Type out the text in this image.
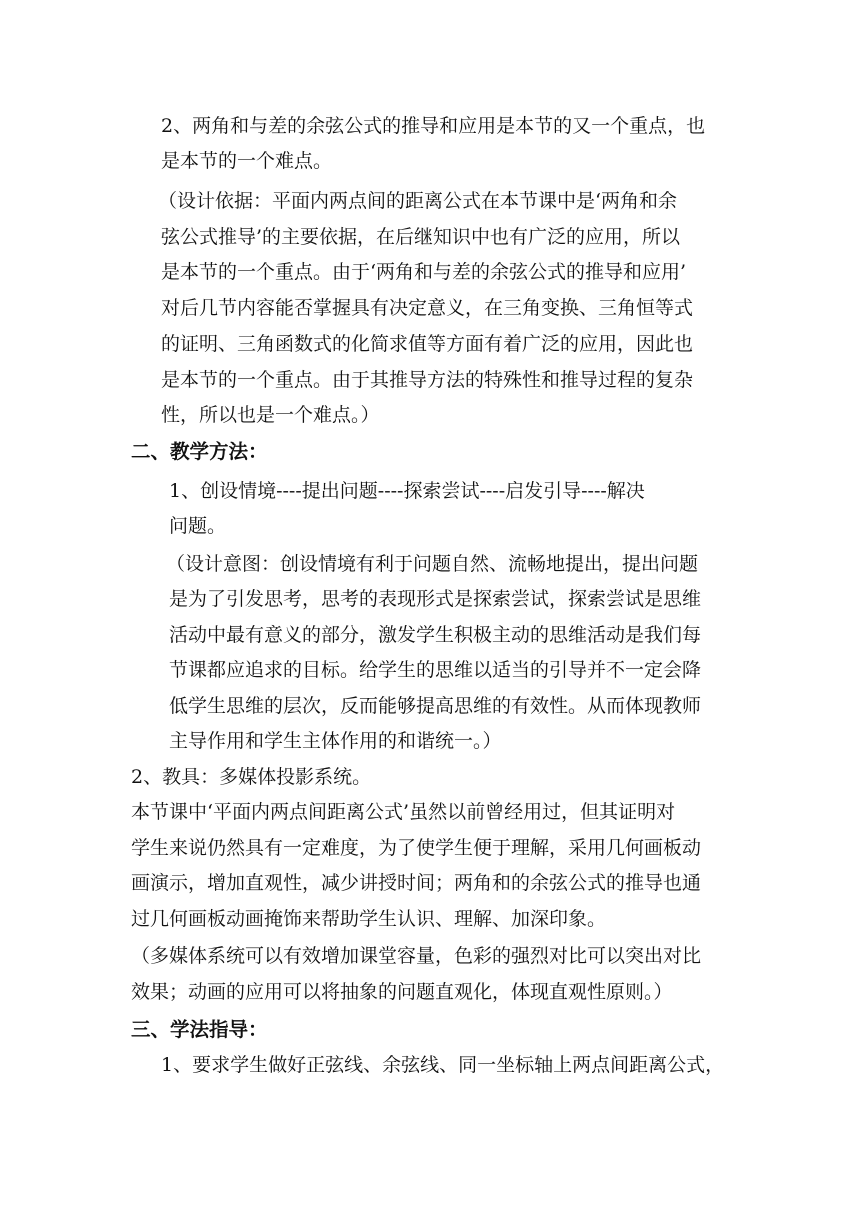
2、两角和与差的余弦公式的推导和应用是本节的又一个重点，也
是本节的一个难点。
（设计依据：平面内两点间的距离公式在本节课中是‘两角和余
弦公式推导’的主要依据，在后继知识中也有广泛的应用，所以
是本节的一个重点。由于‘两角和与差的余弦公式的推导和应用’
对后几节内容能否掌握具有决定意义，在三角变换、三角恒等式
的证明、三角函数式的化简求值等方面有着广泛的应用，因此也
是本节的一个重点。由于其推导方法的特殊性和推导过程的复杂
性，所以也是一个难点。）
二、教学方法：
1、创设情境----提出问题----探索尝试----启发引导----解决
问题。
（设计意图：创设情境有利于问题自然、流畅地提出，提出问题
是为了引发思考，思考的表现形式是探索尝试，探索尝试是思维
活动中最有意义的部分，激发学生积极主动的思维活动是我们每
节课都应追求的目标。给学生的思维以适当的引导并不一定会降
低学生思维的层次，反而能够提高思维的有效性。从而体现教师
主导作用和学生主体作用的和谐统一。）
2、教具：多媒体投影系统。
本节课中‘平面内两点间距离公式’虽然以前曾经用过，但其证明对
学生来说仍然具有一定难度，为了使学生便于理解，采用几何画板动
画演示，增加直观性，减少讲授时间；两角和的余弦公式的推导也通
过几何画板动画掩饰来帮助学生认识、理解、加深印象。
（多媒体系统可以有效增加课堂容量，色彩的强烈对比可以突出对比
效果；动画的应用可以将抽象的问题直观化，体现直观性原则。）
三、学法指导：
1、要求学生做好正弦线、余弦线、同一坐标轴上两点间距离公式，
